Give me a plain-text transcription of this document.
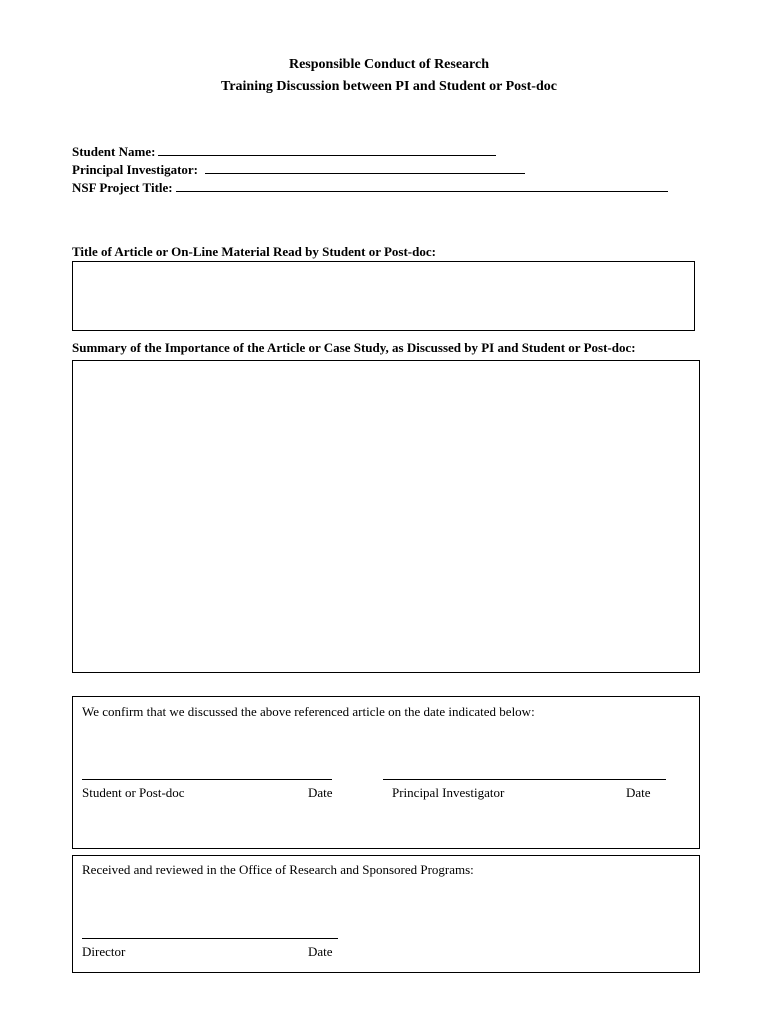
Responsible Conduct of Research
Training Discussion between PI and Student or Post-doc
Student Name:
Principal Investigator:
NSF Project Title:
Title of Article or On-Line Material Read by Student or Post-doc:
Summary of the Importance of the Article or Case Study, as Discussed by PI and Student or Post-doc:
We confirm that we discussed the above referenced article on the date indicated below:
Student or Post-doc	Date	Principal Investigator	Date
Received and reviewed in the Office of Research and Sponsored Programs:
Director	Date
